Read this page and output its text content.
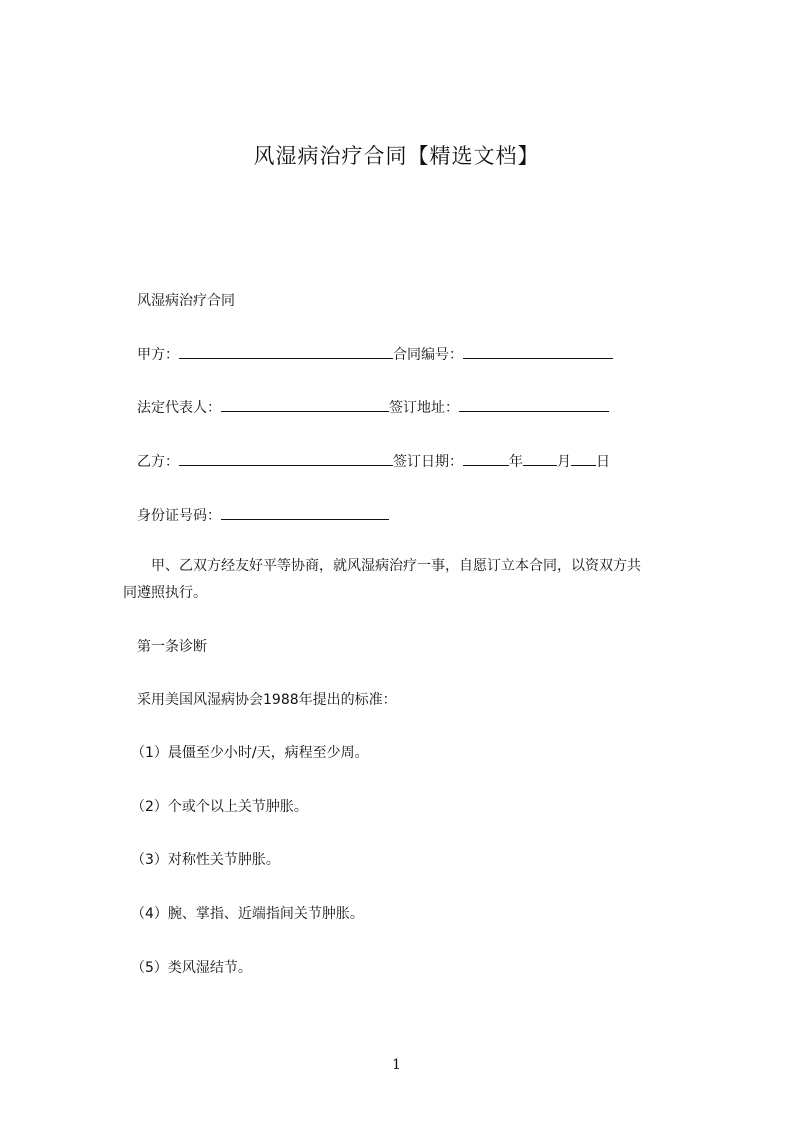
风湿病治疗合同【精选文档】
风湿病治疗合同
甲方：	合同编号：
法定代表人：	签订地址：
乙方：	签订日期：	年 月 日
身份证号码：
甲、乙双方经友好平等协商，就风湿病治疗一事，自愿订立本合同，以资双方共
同遵照执行。
第一条诊断
采用美国风湿病协会1988年提出的标准：
（1）晨僵至少小时/天，病程至少周。
（2）个或个以上关节肿胀。
（3）对称性关节肿胀。
（4）腕、掌指、近端指间关节肿胀。
（5）类风湿结节。
1
